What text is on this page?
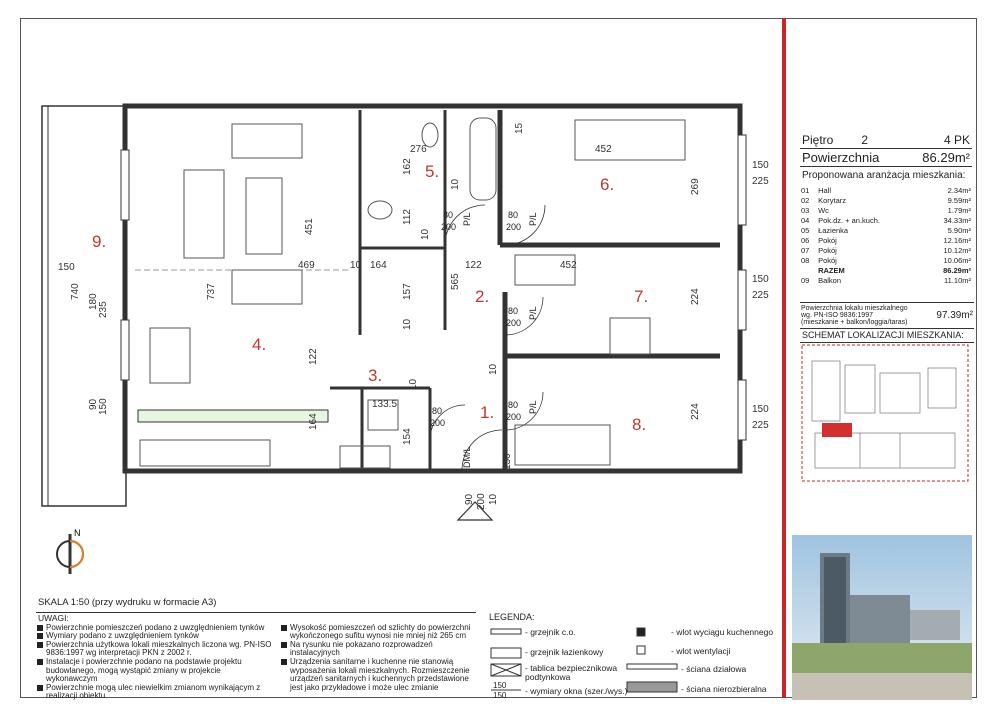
1.
2.
3.
4.
5.
6.
7.
8.
9.
469
451
737
122
164
133.5
154
276
162
112
10
10
10
157
164
10
565
122
452
452
15
269
224
224
150
740
180 235
90 150
150
225
150
225
150
225
90 200 10
10
130
10
80
200
80
200
80
200
80
200
80
200
DM/L
P/L
P/L
P/L
P/L
N
Piętro 2	4 PK
Powierzchnia	86.29m²
Proponowana aranżacja mieszkania:
01	Hall	2.34m²
02	Korytarz	9.59m²
03	Wc	1.79m²
04	Pok.dz. + an.kuch.	34.33m²
05	Łazienka	5.90m²
06	Pokój	12.16m²
07	Pokój	10.12m²
08	Pokój	10.06m²
	RAZEM	86.29m²
09	Balkon	11.10m²
Powierzchnia lokalu mieszkalnego
wg. PN-ISO 9836:1997
(mieszkanie + balkon/loggia/taras)
97.39m²
SCHEMAT LOKALIZACJI MIESZKANIA:
SKALA 1:50 (przy wydruku w formacie A3)
UWAGI:
Powierzchnie pomieszczeń podano z uwzględnieniem tynków
Wymiary podano z uwzględnieniem tynków
Powierzchnia użytkowa lokali mieszkalnych liczona wg. PN-ISO 9836:1997 wg interpretacji PKN z 2002 r.
Instalacje i powierzchnie podano na podstawie projektu budowlanego, mogą wystąpić zmiany w projekcie wykonawczym
Powierzchnie mogą ulec niewielkim zmianom wynikającym z realizacji obiektu
Wysokość pomieszczeń od szlichty do powierzchni wykończonego sufitu wynosi nie mniej niż 265 cm
Na rysunku nie pokazano rozprowadzeń instalacyjnych
Urządzenia sanitarne i kuchenne nie stanowią wyposażenia lokali mieszkalnych. Rozmieszczenie urządzeń sanitarnych i kuchennych przedstawione jest jako przykładowe i może ulec zmianie
LEGENDA:
- grzejnik c.o.
- grzejnik łazienkowy
- tablica bezpiecznikowa podtynkowa
150
150 - wymiary okna (szer./wys.)
- wlot wyciągu kuchennego
- wlot wentylacji
- ściana działowa
- ściana nierozbieralna
